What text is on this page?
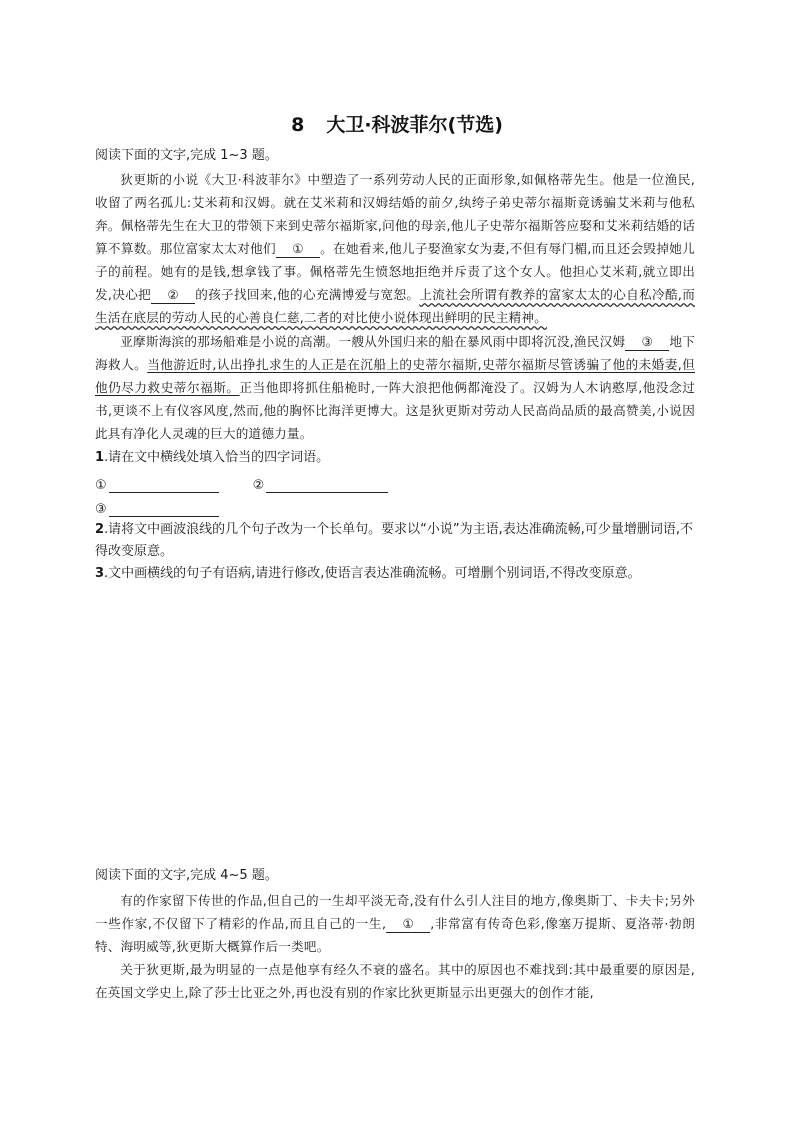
8 大卫·科波菲尔(节选)
阅读下面的文字,完成 1~3 题。

狄更斯的小说《大卫·科波菲尔》中塑造了一系列劳动人民的正面形象,如佩格蒂先生。他是一位渔民,收留了两名孤儿:艾米莉和汉姆。就在艾米莉和汉姆结婚的前夕,纨绔子弟史蒂尔福斯竟诱骗艾米莉与他私奔。佩格蒂先生在大卫的带领下来到史蒂尔福斯家,问他的母亲,他儿子史蒂尔福斯答应娶和艾米莉结婚的话算不算数。那位富家太太对他们 ① 。在她看来,他儿子娶渔家女为妻,不但有辱门楣,而且还会毁掉她儿子的前程。她有的是钱,想拿钱了事。佩格蒂先生愤怒地拒绝并斥责了这个女人。他担心艾米莉,就立即出发,决心把 ② 的孩子找回来,他的心充满博爱与宽恕。上流社会所谓有教养的富家太太的心自私冷酷,而生活在底层的劳动人民的心善良仁慈,二者的对比使小说体现出鲜明的民主精神。

亚摩斯海滨的那场船难是小说的高潮。一艘从外国归来的船在暴风雨中即将沉没,渔民汉姆 ③ 地下海救人。当他游近时,认出挣扎求生的人正是在沉船上的史蒂尔福斯,史蒂尔福斯尽管诱骗了他的未婚妻,但他仍尽力救史蒂尔福斯。正当他即将抓住船桅时,一阵大浪把他俩都淹没了。汉姆为人木讷憨厚,他没念过书,更谈不上有仪容风度,然而,他的胸怀比海洋更博大。这是狄更斯对劳动人民高尚品质的最高赞美,小说因此具有净化人灵魂的巨大的道德力量。

1.请在文中横线处填入恰当的四字词语。
①	②
③
2.请将文中画波浪线的几个句子改为一个长单句。要求以“小说”为主语,表达准确流畅,可少量增删词语,不得改变原意。
3.文中画横线的句子有语病,请进行修改,使语言表达准确流畅。可增删个别词语,不得改变原意。
阅读下面的文字,完成 4~5 题。

有的作家留下传世的作品,但自己的一生却平淡无奇,没有什么引人注目的地方,像奥斯丁、卡夫卡;另外一些作家,不仅留下了精彩的作品,而且自己的一生, ① ,非常富有传奇色彩,像塞万提斯、夏洛蒂·勃朗特、海明威等,狄更斯大概算作后一类吧。

关于狄更斯,最为明显的一点是他享有经久不衰的盛名。其中的原因也不难找到:其中最重要的原因是,在英国文学史上,除了莎士比亚之外,再也没有别的作家比狄更斯显示出更强大的创作才能,
